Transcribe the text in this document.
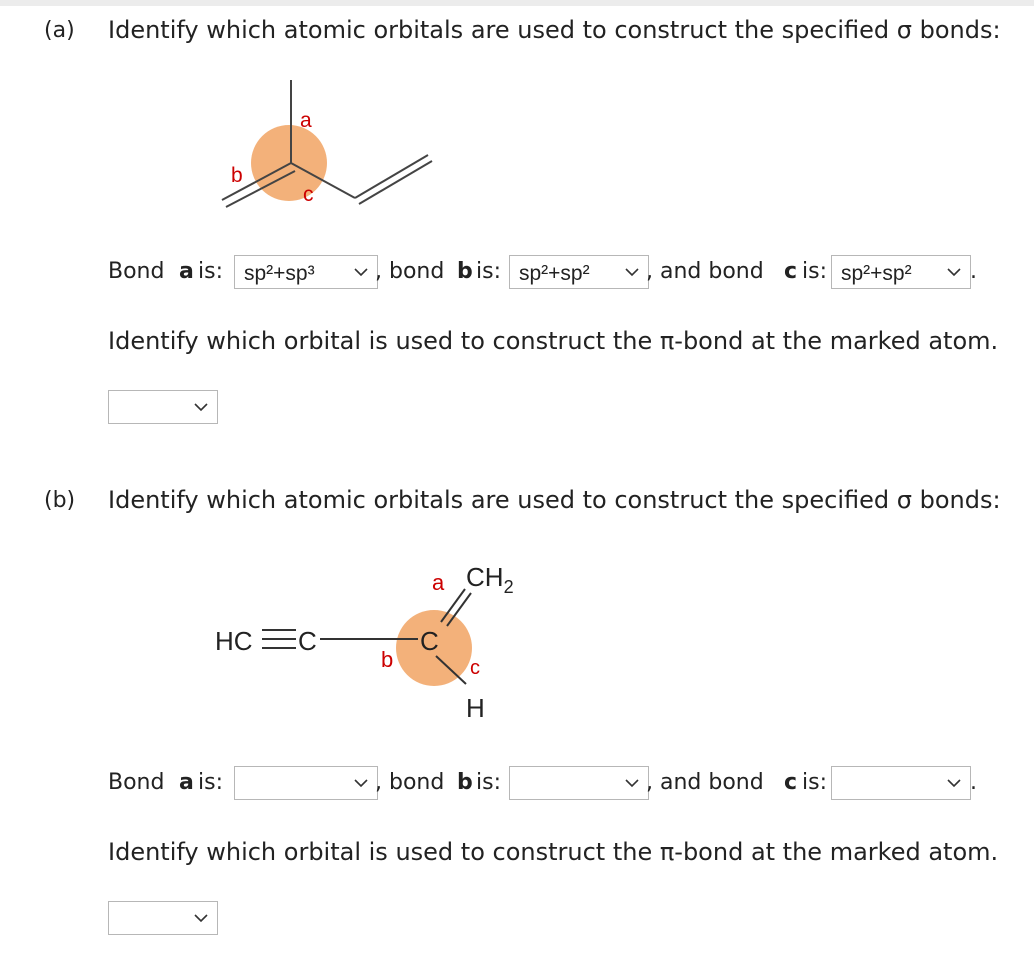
(a) Identify which atomic orbitals are used to construct the specified σ bonds:
a
b
c
Bond a is: sp²+sp³	, bond b is: sp²+sp²	, and bond c is: sp²+sp²	.
Identify which orbital is used to construct the π-bond at the marked atom.
(b) Identify which atomic orbitals are used to construct the specified σ bonds:
HC C	C
$CH_2$
H
a
b	c
Bond a is:	, bond b is:	, and bond c is:	.
Identify which orbital is used to construct the π-bond at the marked atom.
